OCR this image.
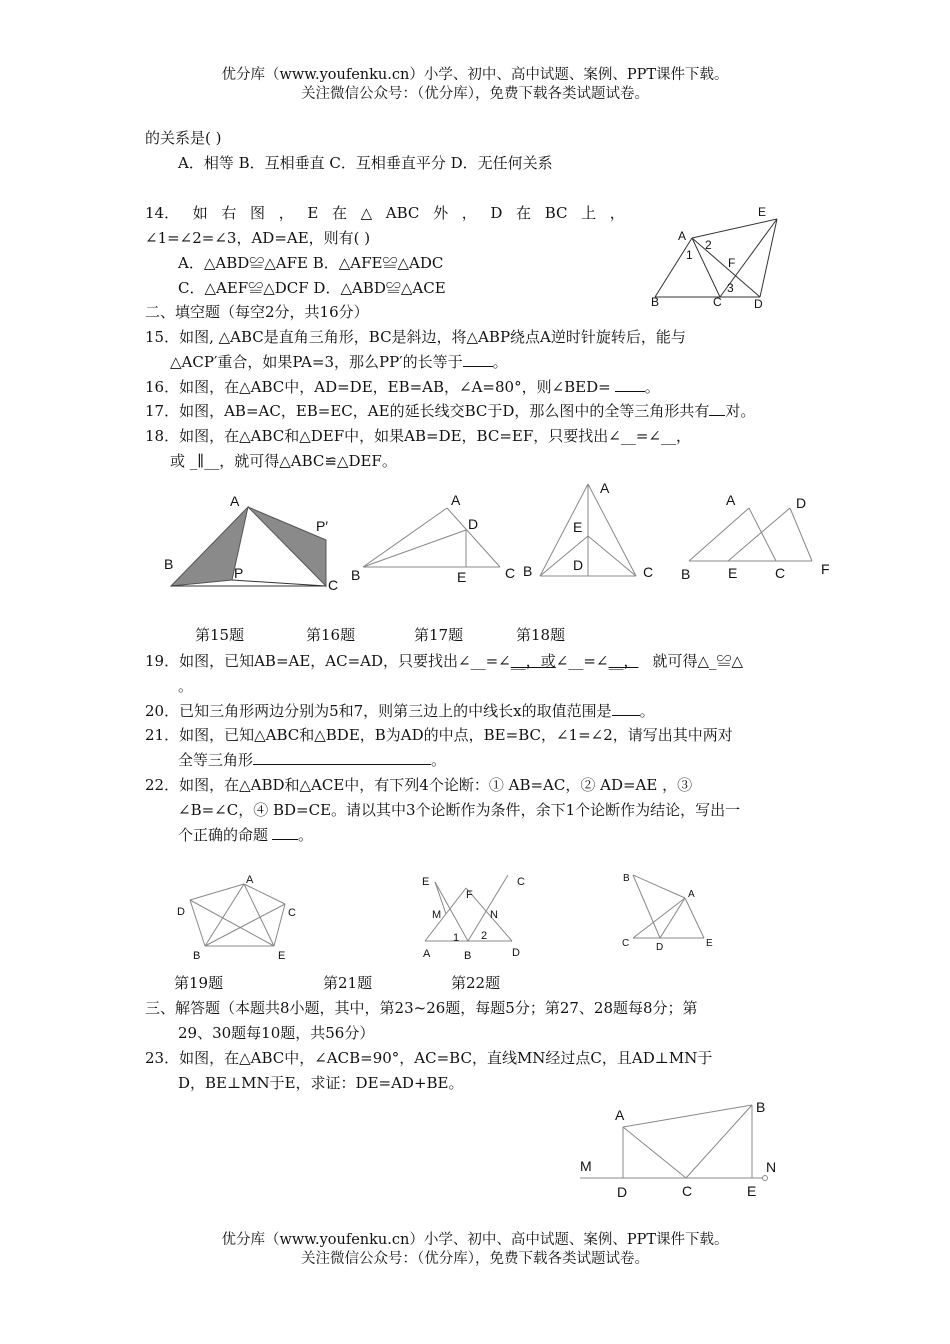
优分库（www.youfenku.cn）小学、初中、高中试题、案例、PPT课件下载。
关注微信公众号：（优分库），免费下载各类试题试卷。
的关系是( )
A．相等 B．互相垂直 C．互相垂直平分 D．无任何关系
14． 如 右 图 ， E 在 △ ABC 外 ， D 在 BC 上 ，
∠1=∠2=∠3，AD=AE，则有( )
A．△ABD≌△AFE B．△AFE≌△ADC
C．△AEF≌△DCF D．△ABD≌△ACE
E
A
2
1
F
3
B	C	D
二、填空题（每空2分，共16分）
15．如图, △ABC是直角三角形，BC是斜边，将△ABP绕点A逆时针旋转后，能与
△ACP′重合，如果PA=3，那么PP′的长等于 。
16．如图，在△ABC中，AD=DE，EB=AB，∠A=80°，则∠BED= 。
17．如图，AB=AC，EB=EC，AE的延长线交BC于D，那么图中的全等三角形共有 对。
18．如图，在△ABC和△DEF中，如果AB=DE，BC=EF，只要找出∠__=∠__，
或 _∥__，就可得△ABC≌△DEF。
A
P′
B
P
C
A
D
B	E	C
A
E
D
B	C
A	D
B	E	C	F
第15题	第16题	第17题	第18题
19．如图，已知AB=AE，AC=AD，只要找出∠__=∠__，或∠__=∠__， 就可得△_≌△
。
20．已知三角形两边分别为5和7，则第三边上的中线长x的取值范围是 。
21．如图，已知△ABC和△BDE，B为AD的中点，BE=BC，∠1=∠2，请写出其中两对
全等三角形	。
22．如图，在△ABD和△ACE中，有下列4个论断：① AB=AC，② AD=AE ，③
∠B=∠C，④ BD=CE。请以其中3个论断作为条件，余下1个论断作为结论，写出一
个正确的命题 。
A
D	C
B	E
E	C
F
M	N
1 2
A	B	D
B
A
C	D	E
第19题	第21题	第22题
三、解答题（本题共8小题，其中，第23~26题，每题5分；第27、28题每8分；第
29、30题每10题，共56分）
23．如图，在△ABC中，∠ACB=90°，AC=BC，直线MN经过点C，且AD⊥MN于
D，BE⊥MN于E，求证：DE=AD+BE。
A	B
M	N
D	C	E
优分库（www.youfenku.cn）小学、初中、高中试题、案例、PPT课件下载。
关注微信公众号：（优分库），免费下载各类试题试卷。
